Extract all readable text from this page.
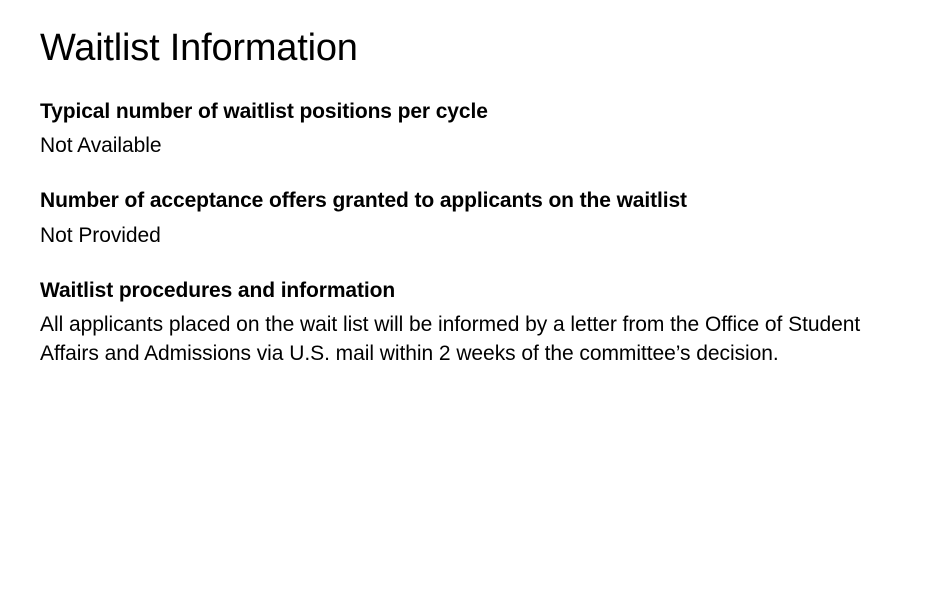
Waitlist Information
Typical number of waitlist positions per cycle
Not Available
Number of acceptance offers granted to applicants on the waitlist
Not Provided
Waitlist procedures and information
All applicants placed on the wait list will be informed by a letter from the Office of Student Affairs and Admissions via U.S. mail within 2 weeks of the committee’s decision.
